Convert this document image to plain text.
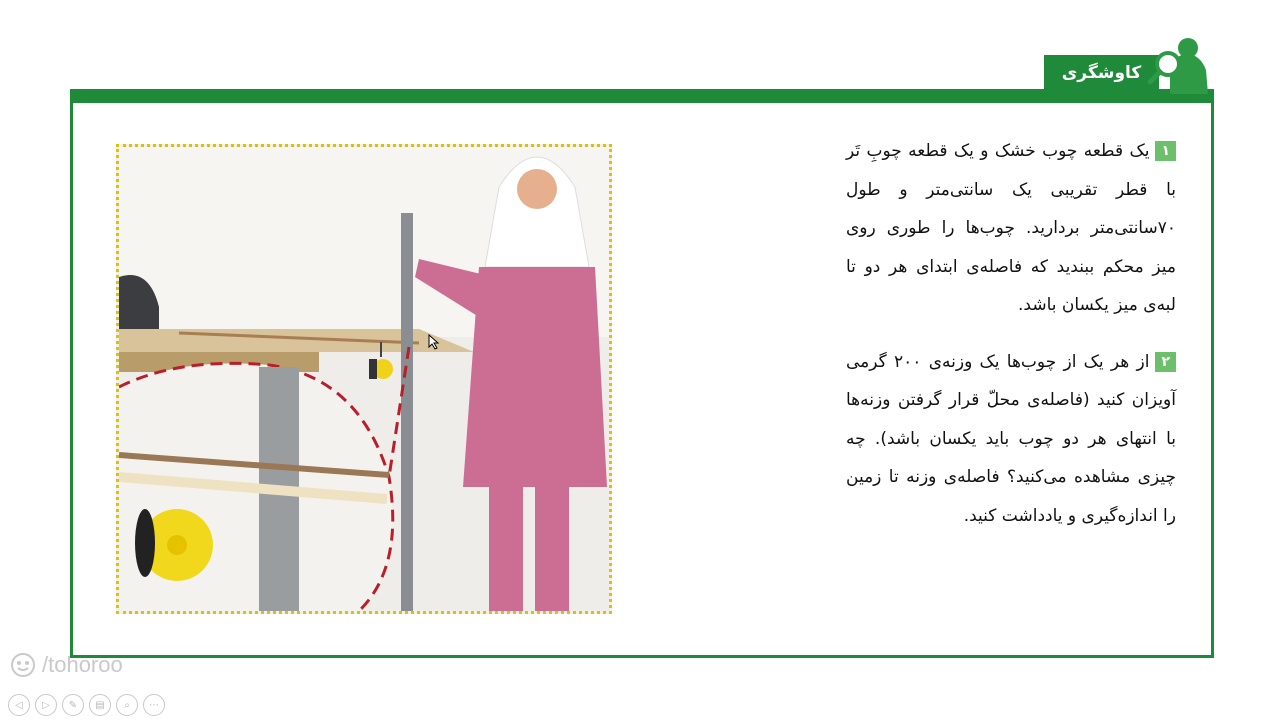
کاوشگری

۱یک قطعه چوب خشک و یک قطعه چوبِ تَر با قطر تقریبی یک سانتی‌متر و طول ۷۰سانتی‌متر بردارید. چوب‌ها را طوری روی میز محکم ببندید که فاصله‌ی ابتدای هر دو تا لبه‌ی میز یکسان باشد.

۲از هر یک از چوب‌ها یک وزنه‌ی ۲۰۰ گرمی آویزان کنید (فاصله‌ی محلّ قرار گرفتن وزنه‌ها با انتهای هر دو چوب باید یکسان باشد). چه چیزی مشاهده می‌کنید؟ فاصله‌ی وزنه تا زمین را اندازه‌گیری و یادداشت کنید.

/tohoroo
◁	▷	✎	▤	⌕	⋯
